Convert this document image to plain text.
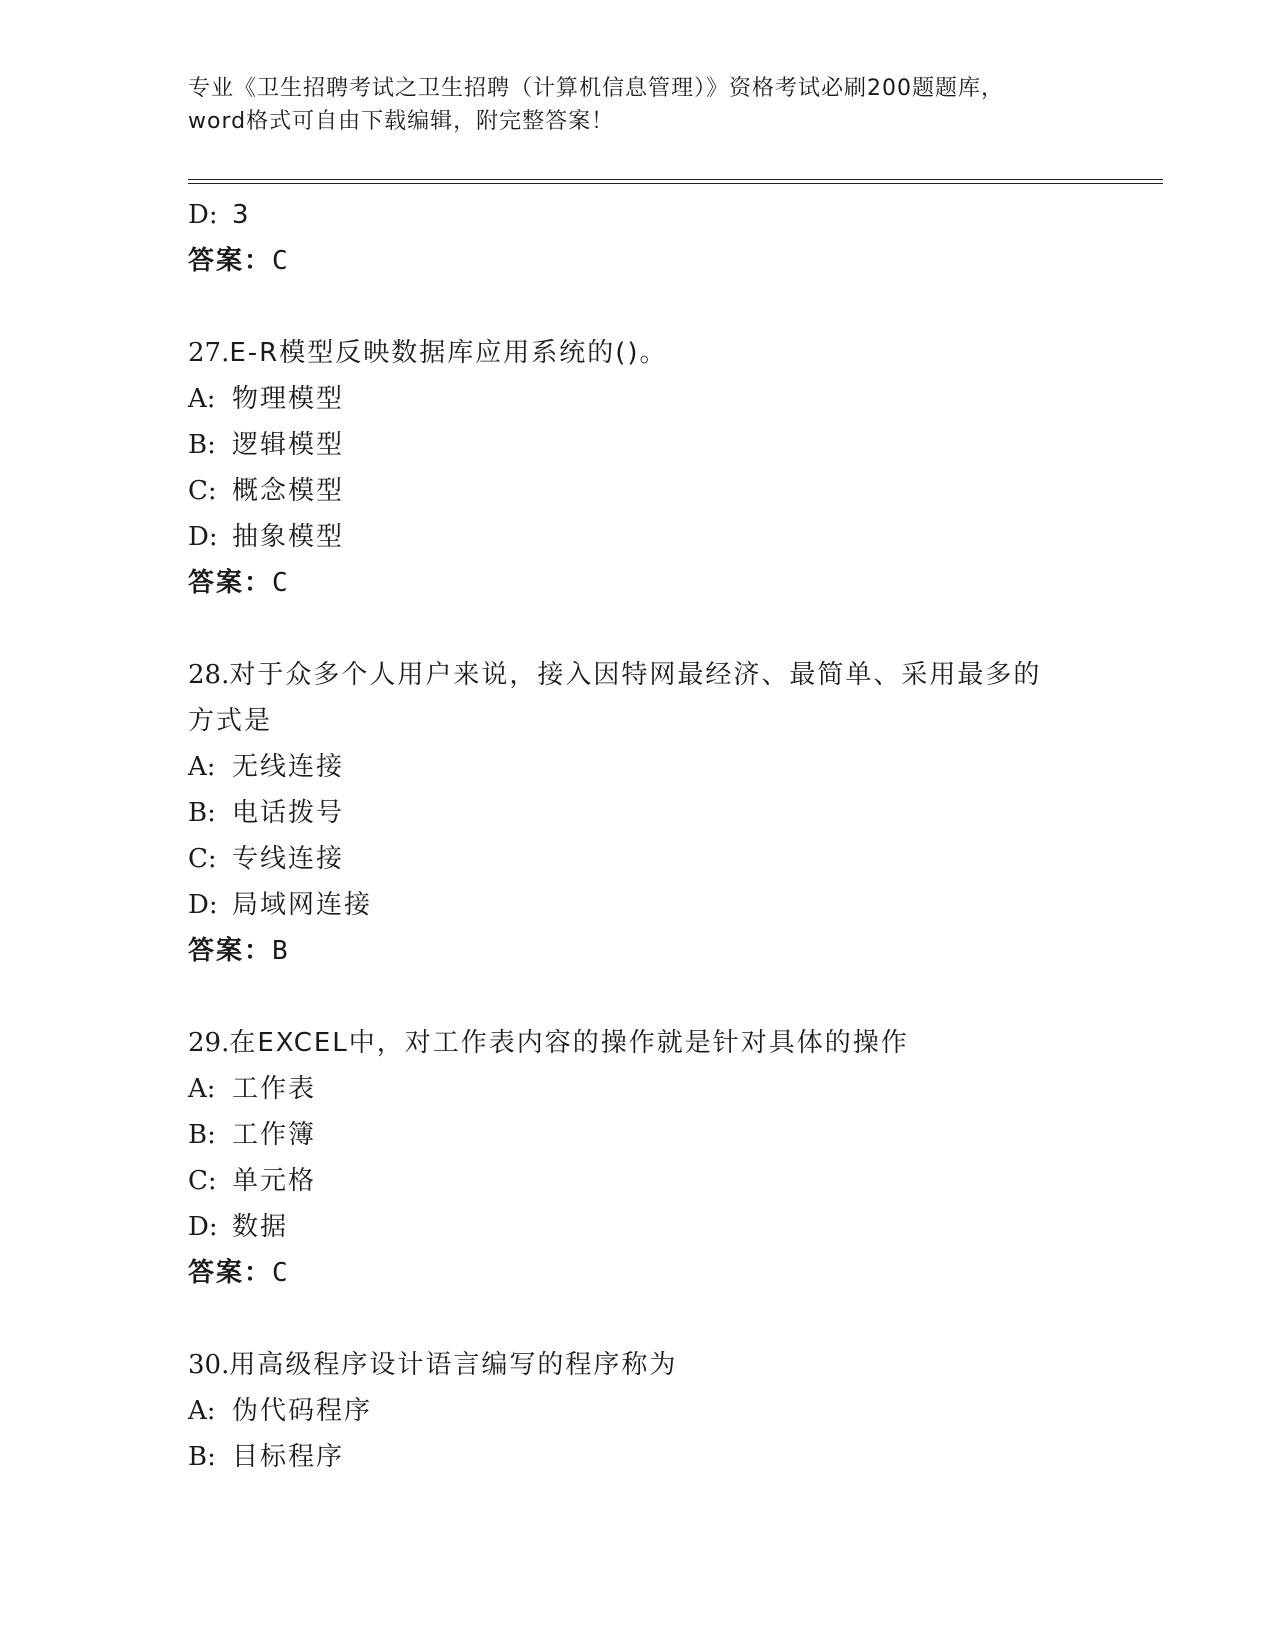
专业《卫生招聘考试之卫生招聘（计算机信息管理）》资格考试必刷200题题库，
word格式可自由下载编辑，附完整答案！
D: 3
答案：C
27.E-R模型反映数据库应用系统的()。
A: 物理模型
B: 逻辑模型
C: 概念模型
D: 抽象模型
答案：C
28.对于众多个人用户来说，接入因特网最经济、最简单、采用最多的
方式是
A: 无线连接
B: 电话拨号
C: 专线连接
D: 局域网连接
答案：B
29.在EXCEL中，对工作表内容的操作就是针对具体的操作
A: 工作表
B: 工作簿
C: 单元格
D: 数据
答案：C
30.用高级程序设计语言编写的程序称为
A: 伪代码程序
B: 目标程序
